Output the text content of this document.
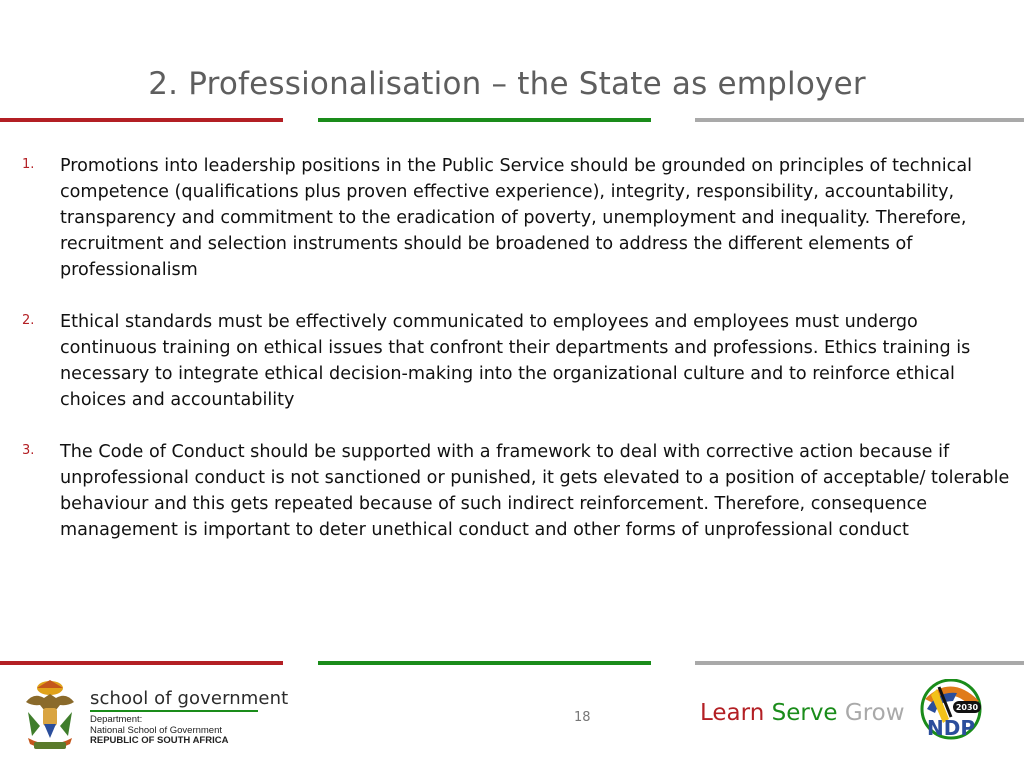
2. Professionalisation – the State as employer
1. Promotions into leadership positions in the Public Service should be grounded on principles of technical competence (qualifications plus proven effective experience), integrity, responsibility, accountability, transparency and commitment to the eradication of poverty, unemployment and inequality. Therefore, recruitment and selection instruments should be broadened to address the different elements of professionalism
2. Ethical standards must be effectively communicated to employees and employees must undergo continuous training on ethical issues that confront their departments and professions. Ethics training is necessary to integrate ethical decision-making into the organizational culture and to reinforce ethical choices and accountability
3. The Code of Conduct should be supported with a framework to deal with corrective action because if unprofessional conduct is not sanctioned or punished, it gets elevated to a position of acceptable/ tolerable behaviour and this gets repeated because of such indirect reinforcement. Therefore, consequence management is important to deter unethical conduct and other forms of unprofessional conduct
school of government
Department:
National School of Government
REPUBLIC OF SOUTH AFRICA
18	Learn Serve Grow	2030
NDP
